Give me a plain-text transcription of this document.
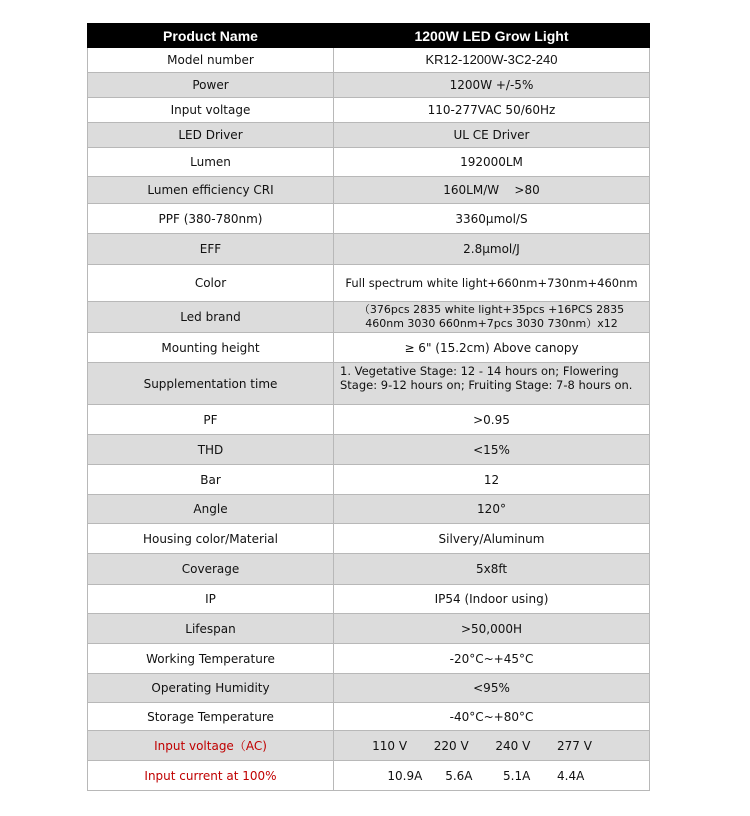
Product Name	1200W LED Grow Light
Model number	KR12-1200W-3C2-240
Power	1200W +/-5%
Input voltage	110-277VAC 50/60Hz
LED Driver	UL CE Driver
Lumen	192000LM
Lumen efficiency CRI	160LM/W    >80
PPF (380-780nm)	3360μmol/S
EFF	2.8μmol/J
Color	Full spectrum white light+660nm+730nm+460nm
Led brand	（376pcs 2835 white light+35pcs +16PCS 2835 460nm 3030 660nm+7pcs 3030 730nm）x12
Mounting height	≥ 6" (15.2cm) Above canopy
Supplementation time	1. Vegetative Stage: 12 - 14 hours on; Flowering Stage: 9-12 hours on; Fruiting Stage: 7-8 hours on.
PF	>0.95
THD	<15%
Bar	12
Angle	120°
Housing color/Material	Silvery/Aluminum
Coverage	5x8ft
IP	IP54 (Indoor using)
Lifespan	>50,000H
Working Temperature	-20°C~+45°C
Operating Humidity	<95%
Storage Temperature	-40°C~+80°C
Input voltage（AC)	110 V       220 V       240 V       277 V
Input current at 100%	10.9A      5.6A        5.1A       4.4A
